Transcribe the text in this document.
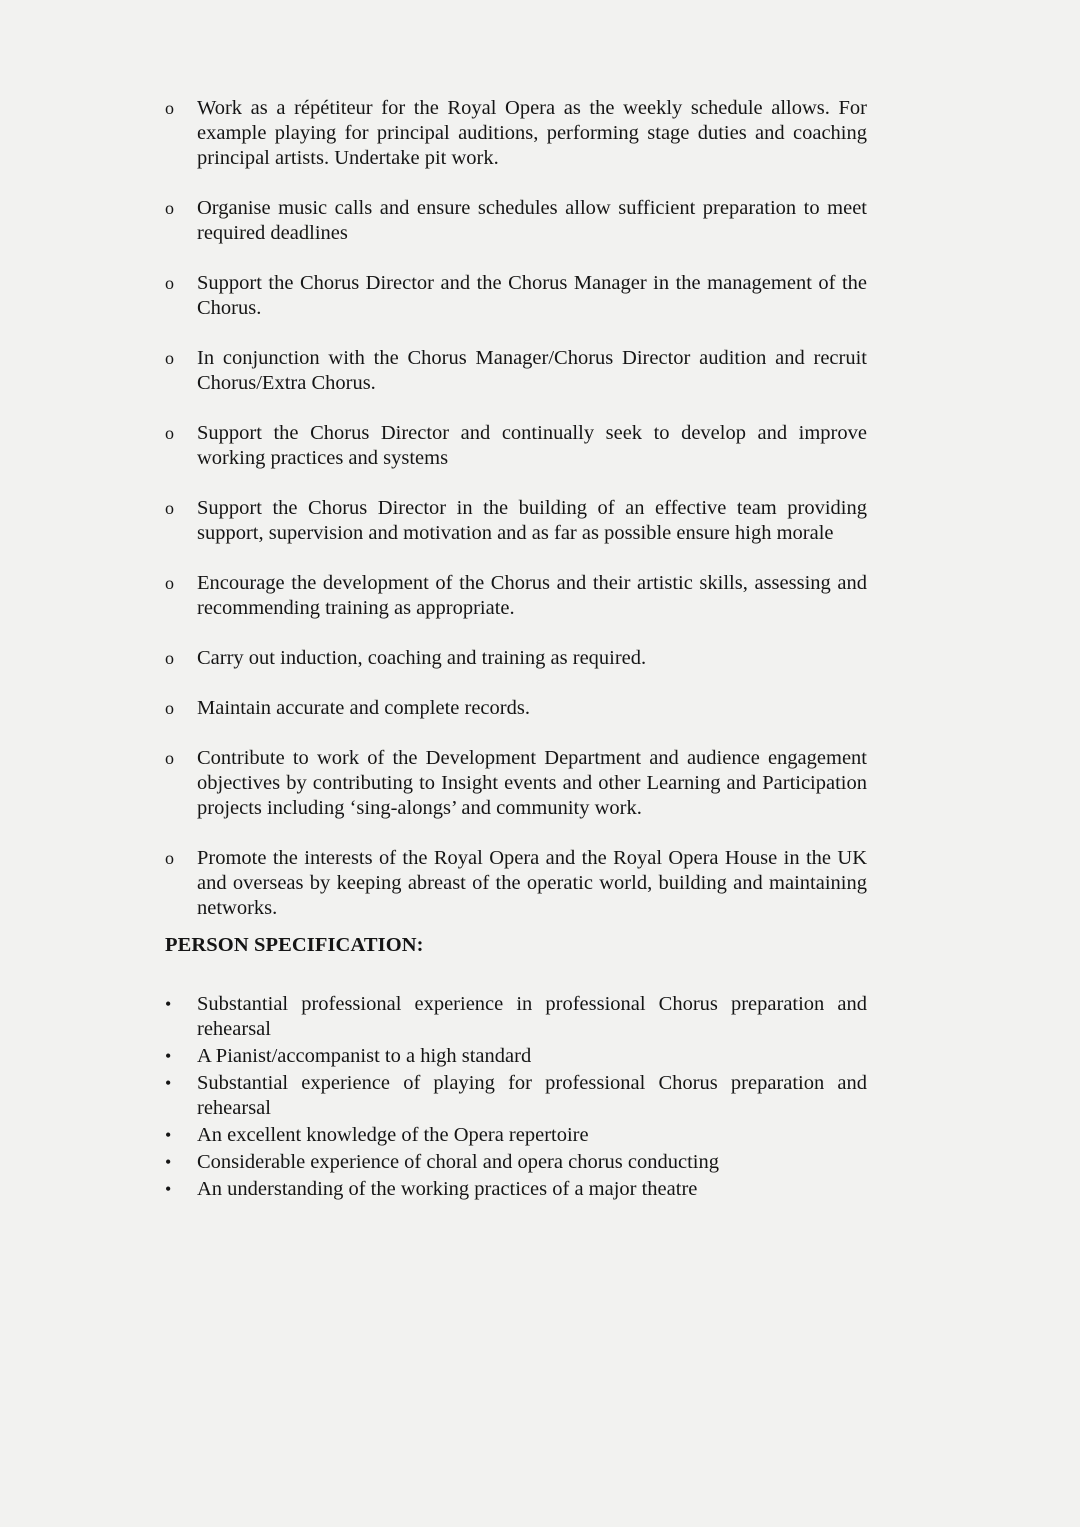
o	Work as a répétiteur for the Royal Opera as the weekly schedule allows. For example playing for principal auditions, performing stage duties and coaching principal artists. Undertake pit work.
o	Organise music calls and ensure schedules allow sufficient preparation to meet required deadlines
o	Support the Chorus Director and the Chorus Manager in the management of the Chorus.
o	In conjunction with the Chorus Manager/Chorus Director audition and recruit Chorus/Extra Chorus.
o	Support the Chorus Director and continually seek to develop and improve working practices and systems
o	Support the Chorus Director in the building of an effective team providing support, supervision and motivation and as far as possible ensure high morale
o	Encourage the development of the Chorus and their artistic skills, assessing and recommending training as appropriate.
o	Carry out induction, coaching and training as required.
o	Maintain accurate and complete records.
o	Contribute to work of the Development Department and audience engagement objectives by contributing to Insight events and other Learning and Participation projects including ‘sing-alongs’ and community work.
o	Promote the interests of the Royal Opera and the Royal Opera House in the UK and overseas by keeping abreast of the operatic world, building and maintaining networks.
PERSON SPECIFICATION:
•	Substantial professional experience in professional Chorus preparation and rehearsal
•	A Pianist/accompanist to a high standard
•	Substantial experience of playing for professional Chorus preparation and rehearsal
•	An excellent knowledge of the Opera repertoire
•	Considerable experience of choral and opera chorus conducting
•	An understanding of the working practices of a major theatre
